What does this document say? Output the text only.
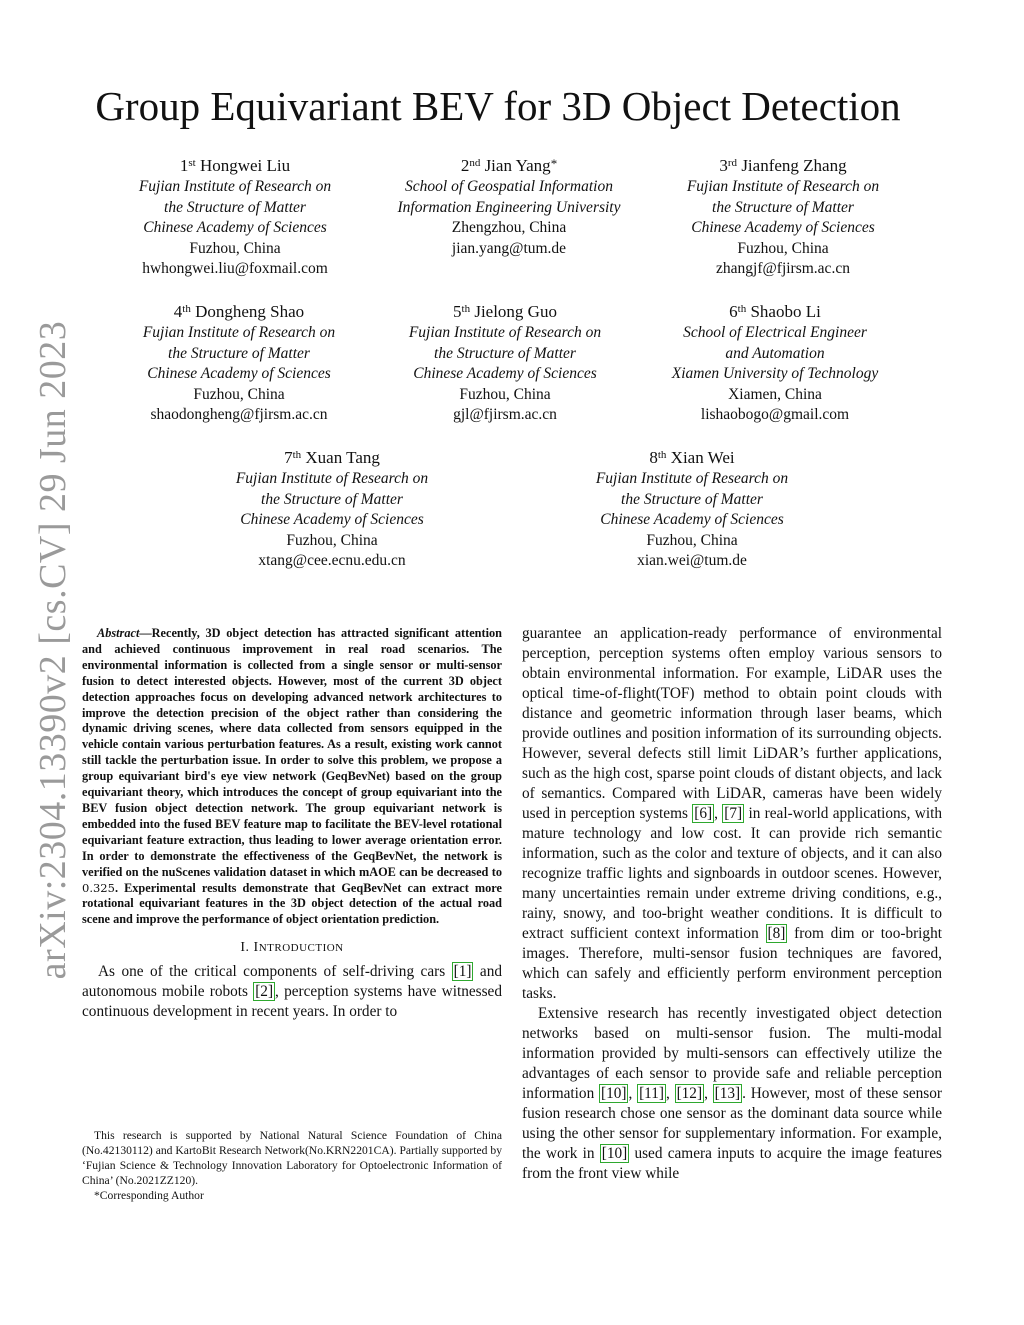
arXiv:2304.13390v2 [cs.CV] 29 Jun 2023
Group Equivariant BEV for 3D Object Detection
1st Hongwei Liu
Fujian Institute of Research on
the Structure of Matter
Chinese Academy of Sciences
Fuzhou, China
hwhongwei.liu@foxmail.com
2nd Jian Yang*
School of Geospatial Information
Information Engineering University
Zhengzhou, China
jian.yang@tum.de
3rd Jianfeng Zhang
Fujian Institute of Research on
the Structure of Matter
Chinese Academy of Sciences
Fuzhou, China
zhangjf@fjirsm.ac.cn
4th Dongheng Shao
Fujian Institute of Research on
the Structure of Matter
Chinese Academy of Sciences
Fuzhou, China
shaodongheng@fjirsm.ac.cn
5th Jielong Guo
Fujian Institute of Research on
the Structure of Matter
Chinese Academy of Sciences
Fuzhou, China
gjl@fjirsm.ac.cn
6th Shaobo Li
School of Electrical Engineer
and Automation
Xiamen University of Technology
Xiamen, China
lishaobogo@gmail.com
7th Xuan Tang
Fujian Institute of Research on
the Structure of Matter
Chinese Academy of Sciences
Fuzhou, China
xtang@cee.ecnu.edu.cn
8th Xian Wei
Fujian Institute of Research on
the Structure of Matter
Chinese Academy of Sciences
Fuzhou, China
xian.wei@tum.de

Abstract—Recently, 3D object detection has attracted significant attention and achieved continuous improvement in real road scenarios. The environmental information is collected from a single sensor or multi-sensor fusion to detect interested objects. However, most of the current 3D object detection approaches focus on developing advanced network architectures to improve the detection precision of the object rather than considering the dynamic driving scenes, where data collected from sensors equipped in the vehicle contain various perturbation features. As a result, existing work cannot still tackle the perturbation issue. In order to solve this problem, we propose a group equivariant bird's eye view network (GeqBevNet) based on the group equivariant theory, which introduces the concept of group equivariant into the BEV fusion object detection network. The group equivariant network is embedded into the fused BEV feature map to facilitate the BEV-level rotational equivariant feature extraction, thus leading to lower average orientation error. In order to demonstrate the effectiveness of the GeqBevNet, the network is verified on the nuScenes validation dataset in which mAOE can be decreased to 0.325. Experimental results demonstrate that GeqBevNet can extract more rotational equivariant features in the 3D object detection of the actual road scene and improve the performance of object orientation prediction.

I. INTRODUCTION

As one of the critical components of self-driving cars [1] and autonomous mobile robots [2] , perception systems have witnessed continuous development in recent years. In order to

This research is supported by National Natural Science Foundation of China (No.42130112) and KartoBit Research Network(No.KRN2201CA). Partially supported by ‘Fujian Science & Technology Innovation Laboratory for Optoelectronic Information of China’ (No.2021ZZ120).

*Corresponding Author

guarantee an application-ready performance of environmental perception, perception systems often employ various sensors to obtain environmental information. For example, LiDAR uses the optical time-of-flight(TOF) method to obtain point clouds with distance and geometric information through laser beams, which provide outlines and position information of its surrounding objects. However, several defects still limit LiDAR’s further applications, such as the high cost, sparse point clouds of distant objects, and lack of semantics. Compared with LiDAR, cameras have been widely used in perception systems [6] , [7] in real-world applications, with mature technology and low cost. It can provide rich semantic information, such as the color and texture of objects, and it can also recognize traffic lights and signboards in outdoor scenes. However, many uncertainties remain under extreme driving conditions, e.g., rainy, snowy, and too-bright weather conditions. It is difficult to extract sufficient context information [8] from dim or too-bright images. Therefore, multi-sensor fusion techniques are favored, which can safely and efficiently perform environment perception tasks.

Extensive research has recently investigated object detection networks based on multi-sensor fusion. The multi-modal information provided by multi-sensors can effectively utilize the advantages of each sensor to provide safe and reliable perception information [10] , [11] , [12] , [13] . However, most of these sensor fusion research chose one sensor as the dominant data source while using the other sensor for supplementary information. For example, the work in [10] used camera inputs to acquire the image features from the front view while
